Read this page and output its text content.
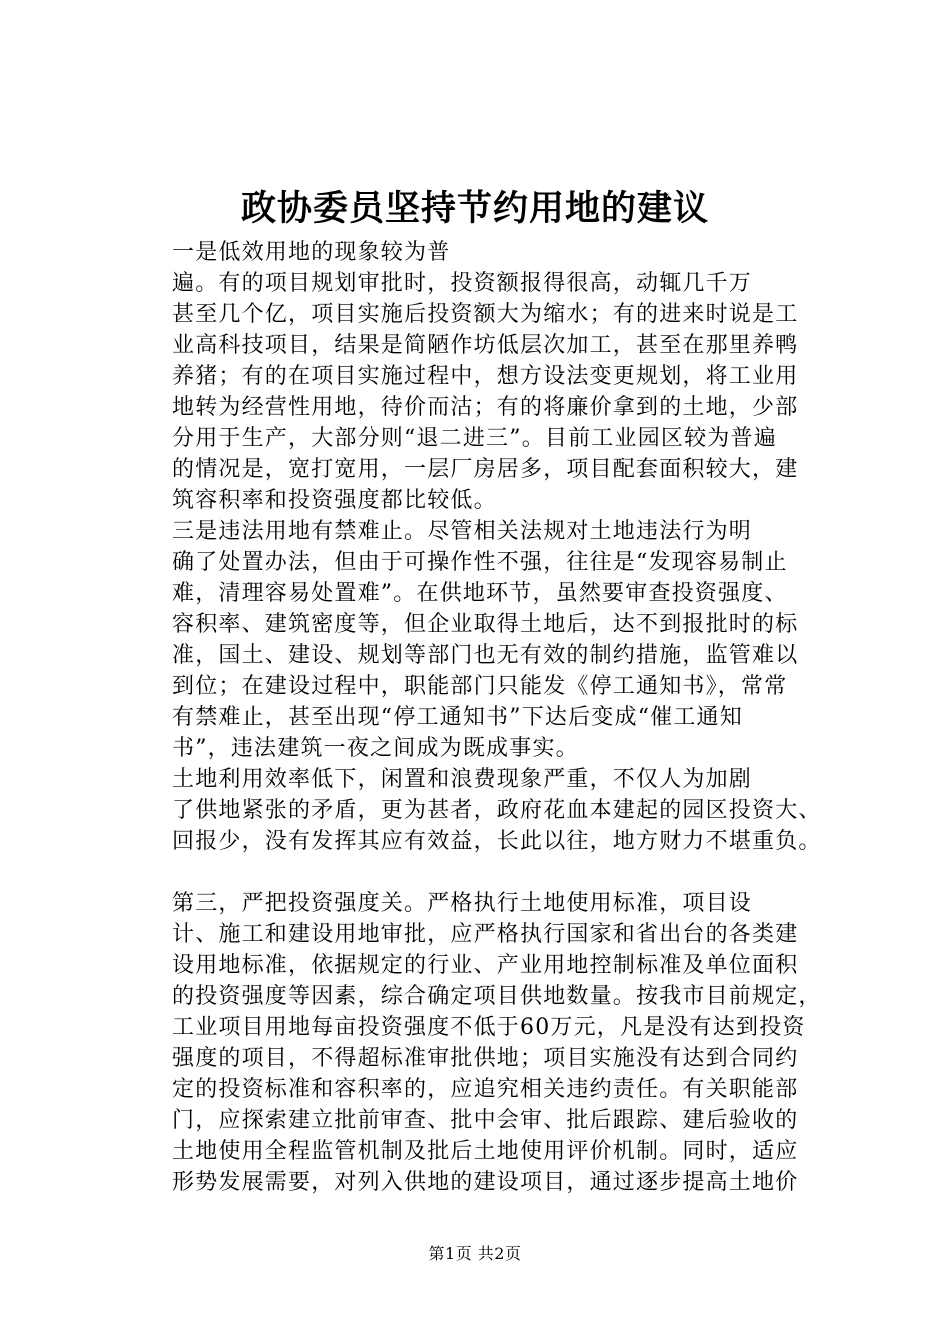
政协委员坚持节约用地的建议

一是低效用地的现象较为普
遍。有的项目规划审批时，投资额报得很高，动辄几千万
甚至几个亿，项目实施后投资额大为缩水；有的进来时说是工
业高科技项目，结果是简陋作坊低层次加工，甚至在那里养鸭
养猪；有的在项目实施过程中，想方设法变更规划，将工业用
地转为经营性用地，待价而沽；有的将廉价拿到的土地，少部
分用于生产，大部分则“退二进三”。目前工业园区较为普遍
的情况是，宽打宽用，一层厂房居多，项目配套面积较大，建
筑容积率和投资强度都比较低。

三是违法用地有禁难止。尽管相关法规对土地违法行为明
确了处置办法，但由于可操作性不强，往往是“发现容易制止
难，清理容易处置难”。在供地环节，虽然要审查投资强度、
容积率、建筑密度等，但企业取得土地后，达不到报批时的标
准，国土、建设、规划等部门也无有效的制约措施，监管难以
到位；在建设过程中，职能部门只能发《停工通知书》，常常
有禁难止，甚至出现“停工通知书”下达后变成“催工通知
书”，违法建筑一夜之间成为既成事实。

土地利用效率低下，闲置和浪费现象严重，不仅人为加剧
了供地紧张的矛盾，更为甚者，政府花血本建起的园区投资大、
回报少，没有发挥其应有效益，长此以往，地方财力不堪重负。

第三，严把投资强度关。严格执行土地使用标准，项目设
计、施工和建设用地审批，应严格执行国家和省出台的各类建
设用地标准，依据规定的行业、产业用地控制标准及单位面积
的投资强度等因素，综合确定项目供地数量。按我市目前规定，
工业项目用地每亩投资强度不低于60万元，凡是没有达到投资
强度的项目，不得超标准审批供地；项目实施没有达到合同约
定的投资标准和容积率的，应追究相关违约责任。有关职能部
门，应探索建立批前审查、批中会审、批后跟踪、建后验收的
土地使用全程监管机制及批后土地使用评价机制。同时，适应
形势发展需要，对列入供地的建设项目，通过逐步提高土地价

第1页 共2页
